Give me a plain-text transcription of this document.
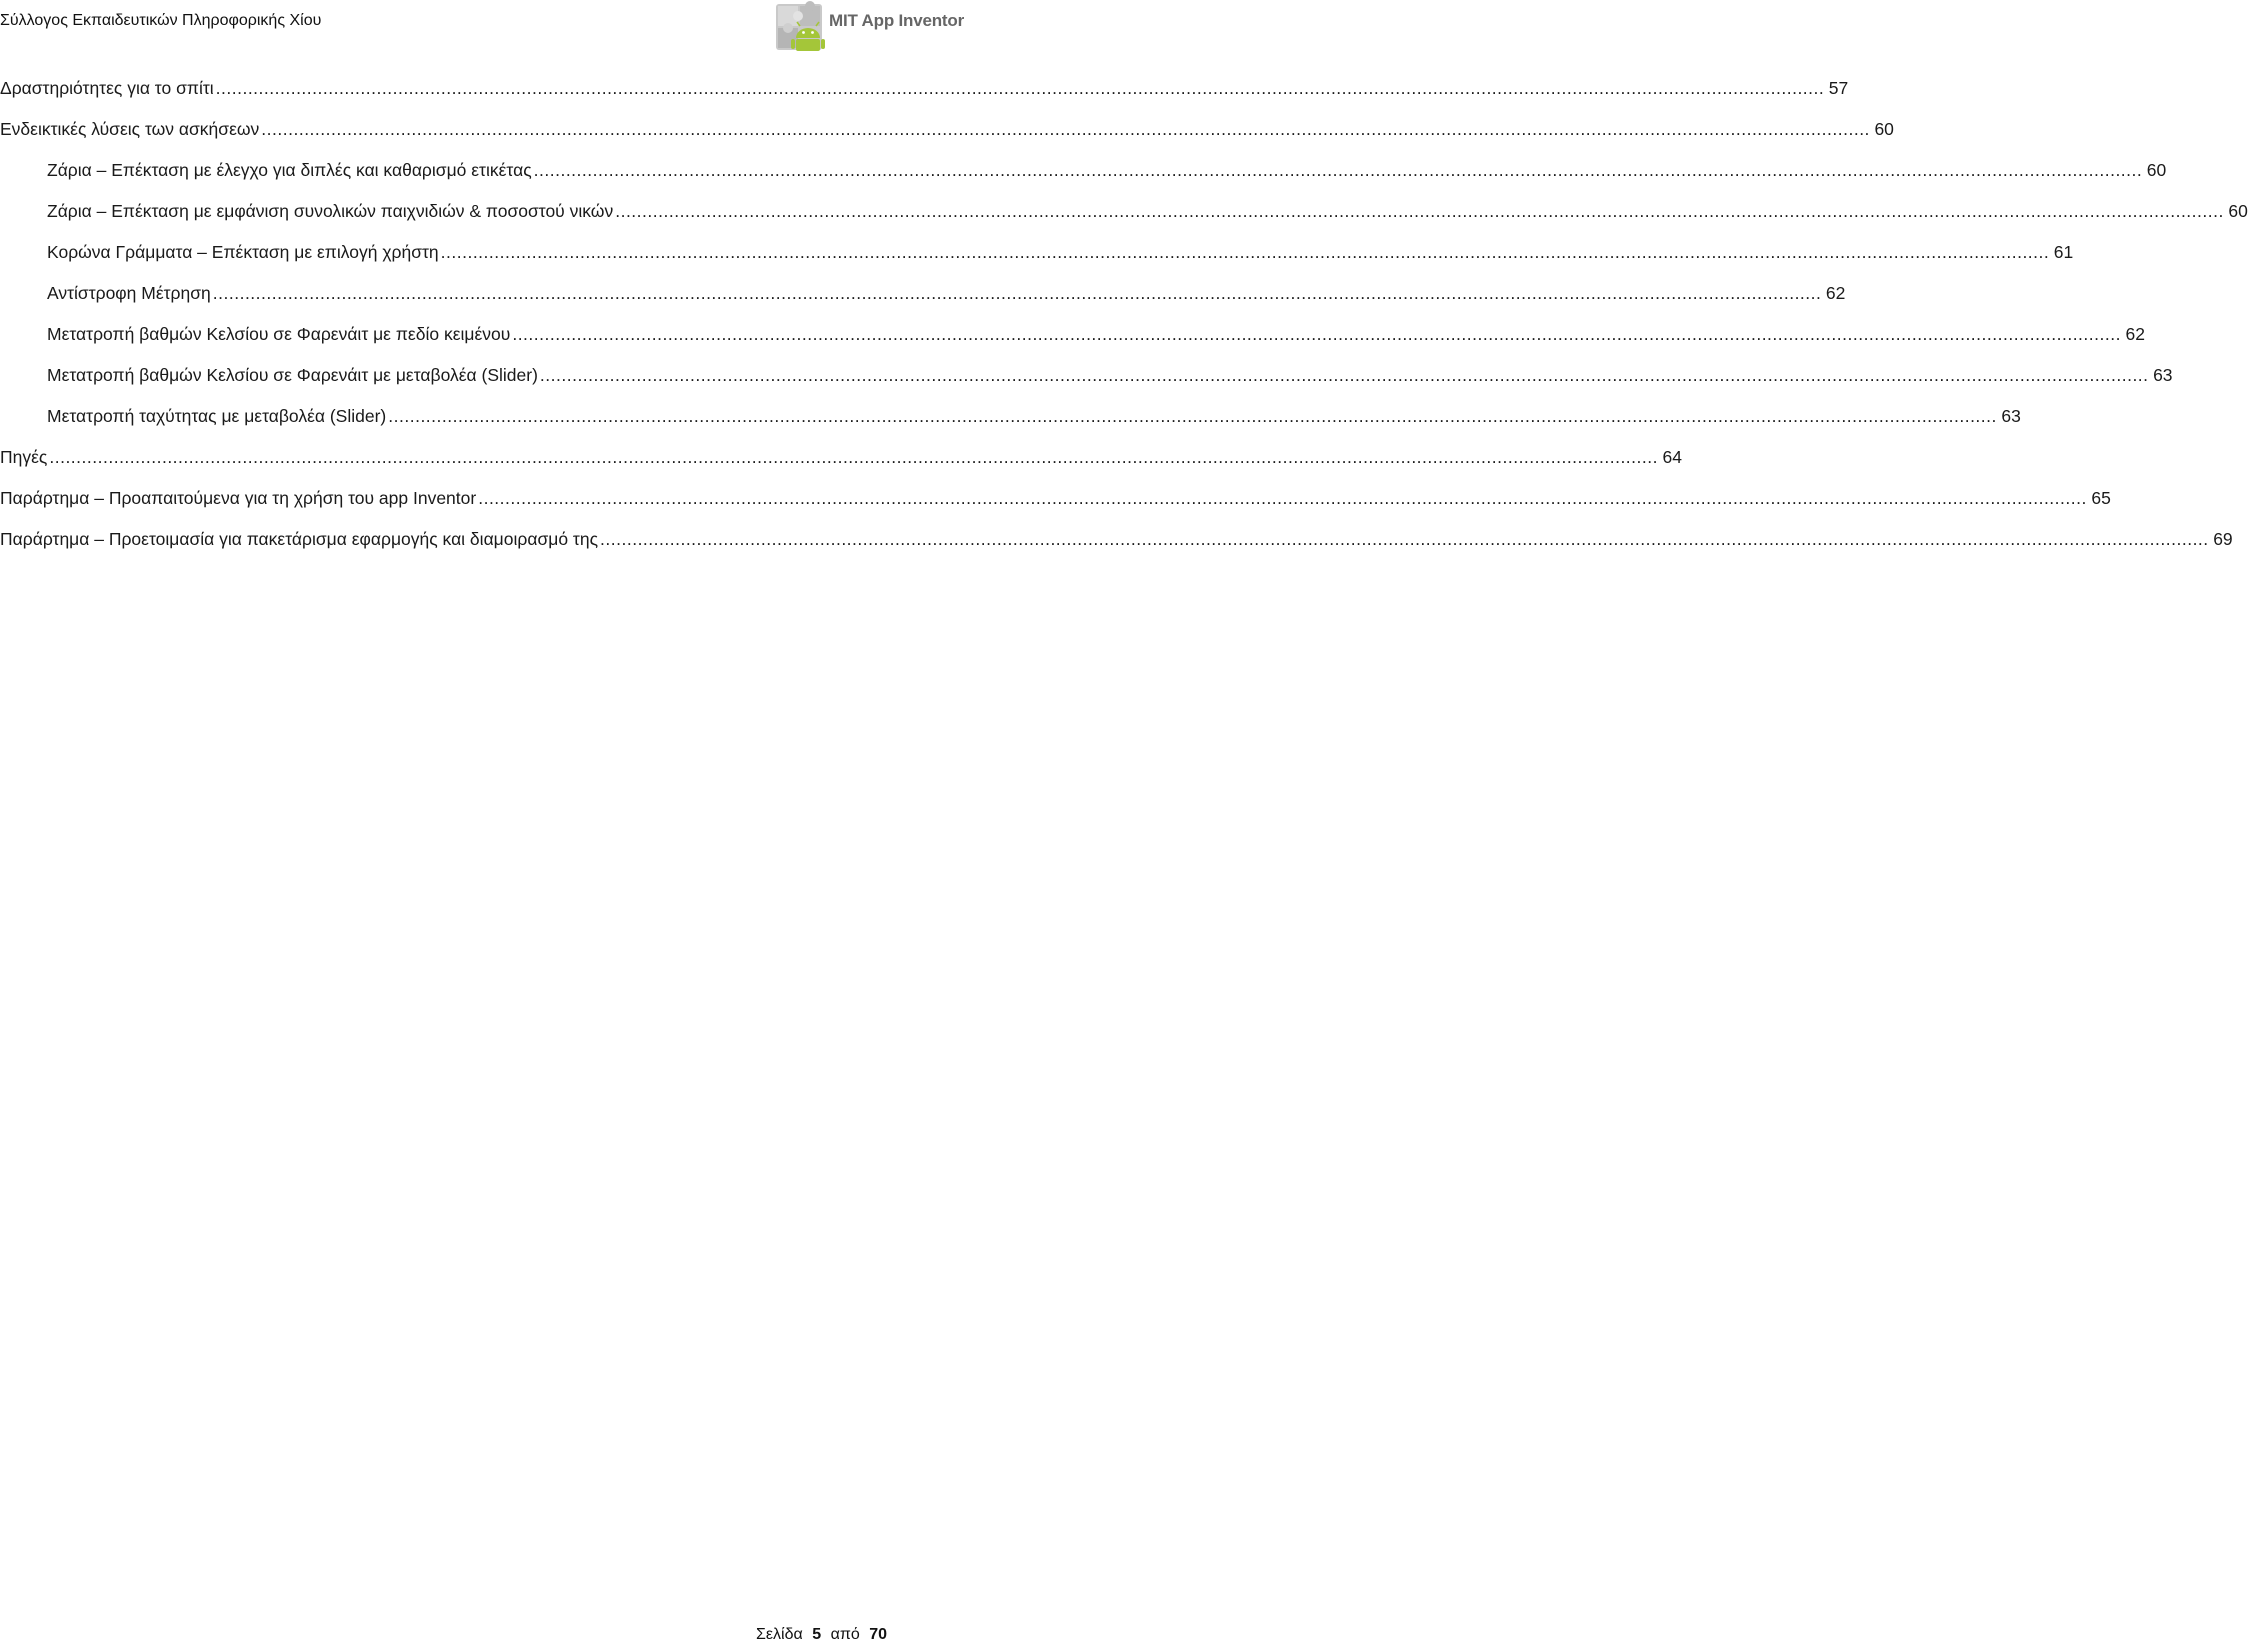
Σύλλογος Εκπαιδευτικών Πληροφορικής Χίου	MIT App Inventor
Δραστηριότητες για το σπίτι ............................................................................................................................................................................................................................................................................................................ 57
Ενδεικτικές λύσεις των ασκήσεων ............................................................................................................................................................................................................................................................................................................ 60
Ζάρια – Επέκταση με έλεγχο για διπλές και καθαρισμό ετικέτας ............................................................................................................................................................................................................................................................................................................ 60
Ζάρια – Επέκταση με εμφάνιση συνολικών παιχνιδιών & ποσοστού νικών ............................................................................................................................................................................................................................................................................................................ 60
Κορώνα Γράμματα – Επέκταση με επιλογή χρήστη ............................................................................................................................................................................................................................................................................................................ 61
Αντίστροφη Μέτρηση ............................................................................................................................................................................................................................................................................................................ 62
Μετατροπή βαθμών Κελσίου σε Φαρενάιτ με πεδίο κειμένου ............................................................................................................................................................................................................................................................................................................ 62
Μετατροπή βαθμών Κελσίου σε Φαρενάιτ με μεταβολέα (Slider) ............................................................................................................................................................................................................................................................................................................ 63
Μετατροπή ταχύτητας με μεταβολέα (Slider) ............................................................................................................................................................................................................................................................................................................ 63
Πηγές ............................................................................................................................................................................................................................................................................................................ 64
Παράρτημα – Προαπαιτούμενα για τη χρήση του app Inventor ............................................................................................................................................................................................................................................................................................................ 65
Παράρτημα – Προετοιμασία για πακετάρισμα εφαρμογής και διαμοιρασμό της ............................................................................................................................................................................................................................................................................................................ 69
Σελίδα 5 από 70
